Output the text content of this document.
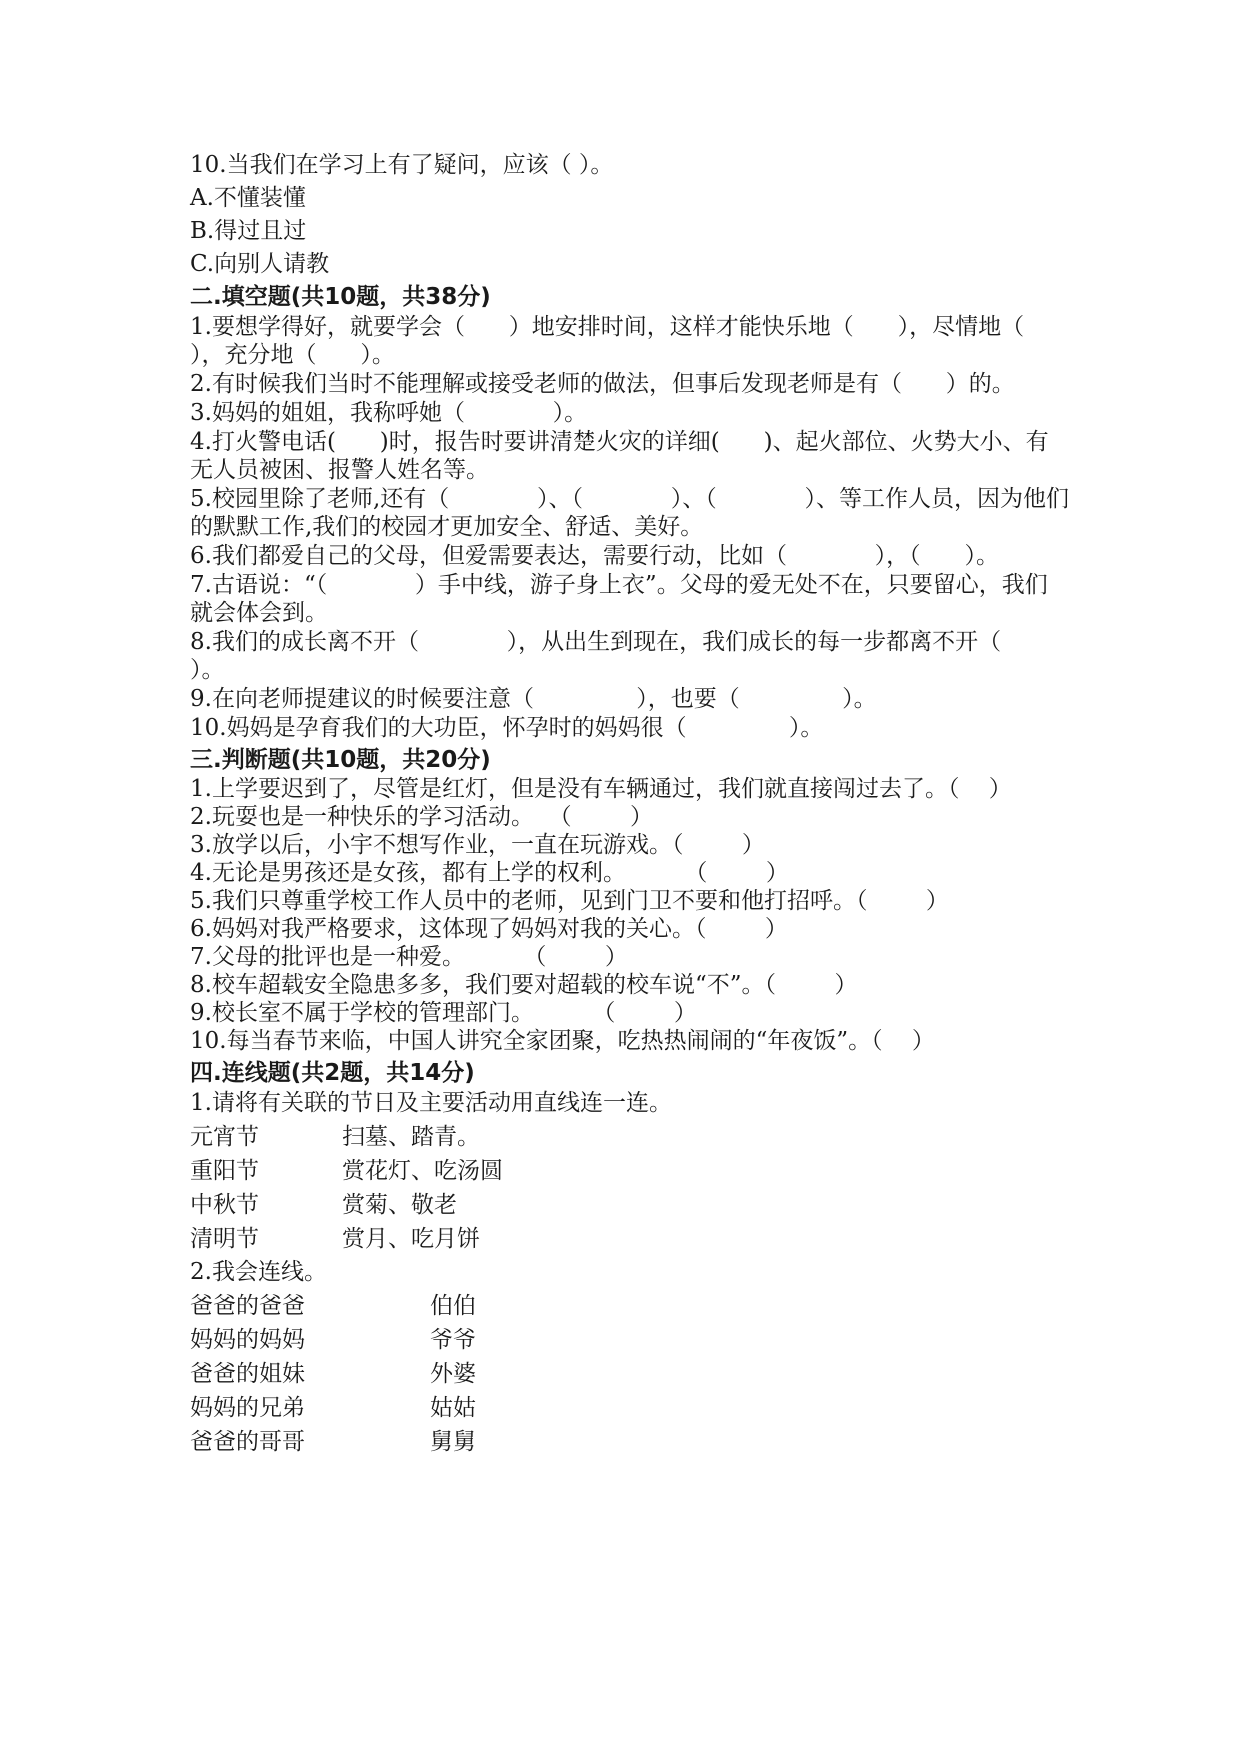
10.当我们在学习上有了疑问，应该（ ）。
A.不懂装懂
B.得过且过
C.向别人请教
二.填空题(共10题，共38分)
1.要想学得好，就要学会（      ）地安排时间，这样才能快乐地（      ），尽情地（      ），充分地（      ）。
2.有时候我们当时不能理解或接受老师的做法，但事后发现老师是有（      ）的。
3.妈妈的姐姐，我称呼她（            ）。
4.打火警电话(      )时，报告时要讲清楚火灾的详细(      )、起火部位、火势大小、有无人员被困、报警人姓名等。
5.校园里除了老师,还有（            ）、（            ）、（            ）、等工作人员，因为他们的默默工作,我们的校园才更加安全、舒适、美好。
6.我们都爱自己的父母，但爱需要表达，需要行动，比如（            ），（      ）。
7.古语说：“（            ）手中线，游子身上衣”。父母的爱无处不在，只要留心，我们就会体会到。
8.我们的成长离不开（            ），从出生到现在，我们成长的每一步都离不开（            ）。
9.在向老师提建议的时候要注意（              ），也要（              ）。
10.妈妈是孕育我们的大功臣，怀孕时的妈妈很（              ）。
三.判断题(共10题，共20分)
1.上学要迟到了，尽管是红灯，但是没有车辆通过，我们就直接闯过去了。（    ）
2.玩耍也是一种快乐的学习活动。  （        ）
3.放学以后，小宇不想写作业，一直在玩游戏。（        ）
4.无论是男孩还是女孩，都有上学的权利。        （        ）
5.我们只尊重学校工作人员中的老师，见到门卫不要和他打招呼。（        ）
6.妈妈对我严格要求，这体现了妈妈对我的关心。（        ）
7.父母的批评也是一种爱。        （        ）
8.校车超载安全隐患多多，我们要对超载的校车说“不”。（        ）
9.校长室不属于学校的管理部门。        （        ）
10.每当春节来临，中国人讲究全家团聚，吃热热闹闹的“年夜饭”。（    ）
四.连线题(共2题，共14分)
1.请将有关联的节日及主要活动用直线连一连。
元宵节	扫墓、踏青。
重阳节	赏花灯、吃汤圆
中秋节	赏菊、敬老
清明节	赏月、吃月饼
2.我会连线。
爸爸的爸爸	伯伯
妈妈的妈妈	爷爷
爸爸的姐妹	外婆
妈妈的兄弟	姑姑
爸爸的哥哥	舅舅
